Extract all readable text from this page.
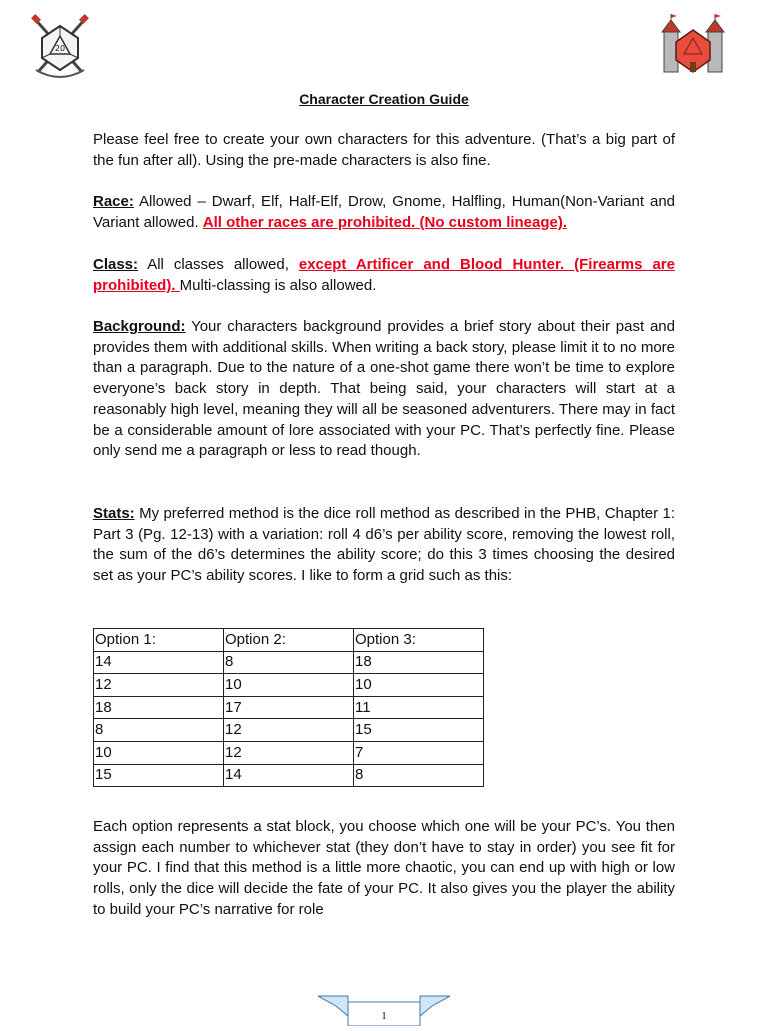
20
Character Creation Guide

Please feel free to create your own characters for this adventure. (That’s a big part of the fun after all). Using the pre-made characters is also fine.

Race: Allowed – Dwarf, Elf, Half-Elf, Drow, Gnome, Halfling, Human(Non-Variant and Variant allowed. All other races are prohibited. (No custom lineage).

Class: All classes allowed, except Artificer and Blood Hunter. (Firearms are prohibited). Multi-classing is also allowed.

Background: Your characters background provides a brief story about their past and provides them with additional skills. When writing a back story, please limit it to no more than a paragraph. Due to the nature of a one-shot game there won’t be time to explore everyone’s back story in depth. That being said, your characters will start at a reasonably high level, meaning they will all be seasoned adventurers. There may in fact be a considerable amount of lore associated with your PC. That’s perfectly fine. Please only send me a paragraph or less to read though.

Stats: My preferred method is the dice roll method as described in the PHB, Chapter 1: Part 3 (Pg. 12-13) with a variation: roll 4 d6’s per ability score, removing the lowest roll, the sum of the d6’s determines the ability score; do this 3 times choosing the desired set as your PC’s ability scores. I like to form a grid such as this:

Option 1:	Option 2:	Option 3:
14	8	18
12	10	10
18	17	11
8	12	15
10	12	7
15	14	8

Each option represents a stat block, you choose which one will be your PC’s. You then assign each number to whichever stat (they don’t have to stay in order) you see fit for your PC. I find that this method is a little more chaotic, you can end up with high or low rolls, only the dice will decide the fate of your PC. It also gives you the player the ability to build your PC’s narrative for role

1
